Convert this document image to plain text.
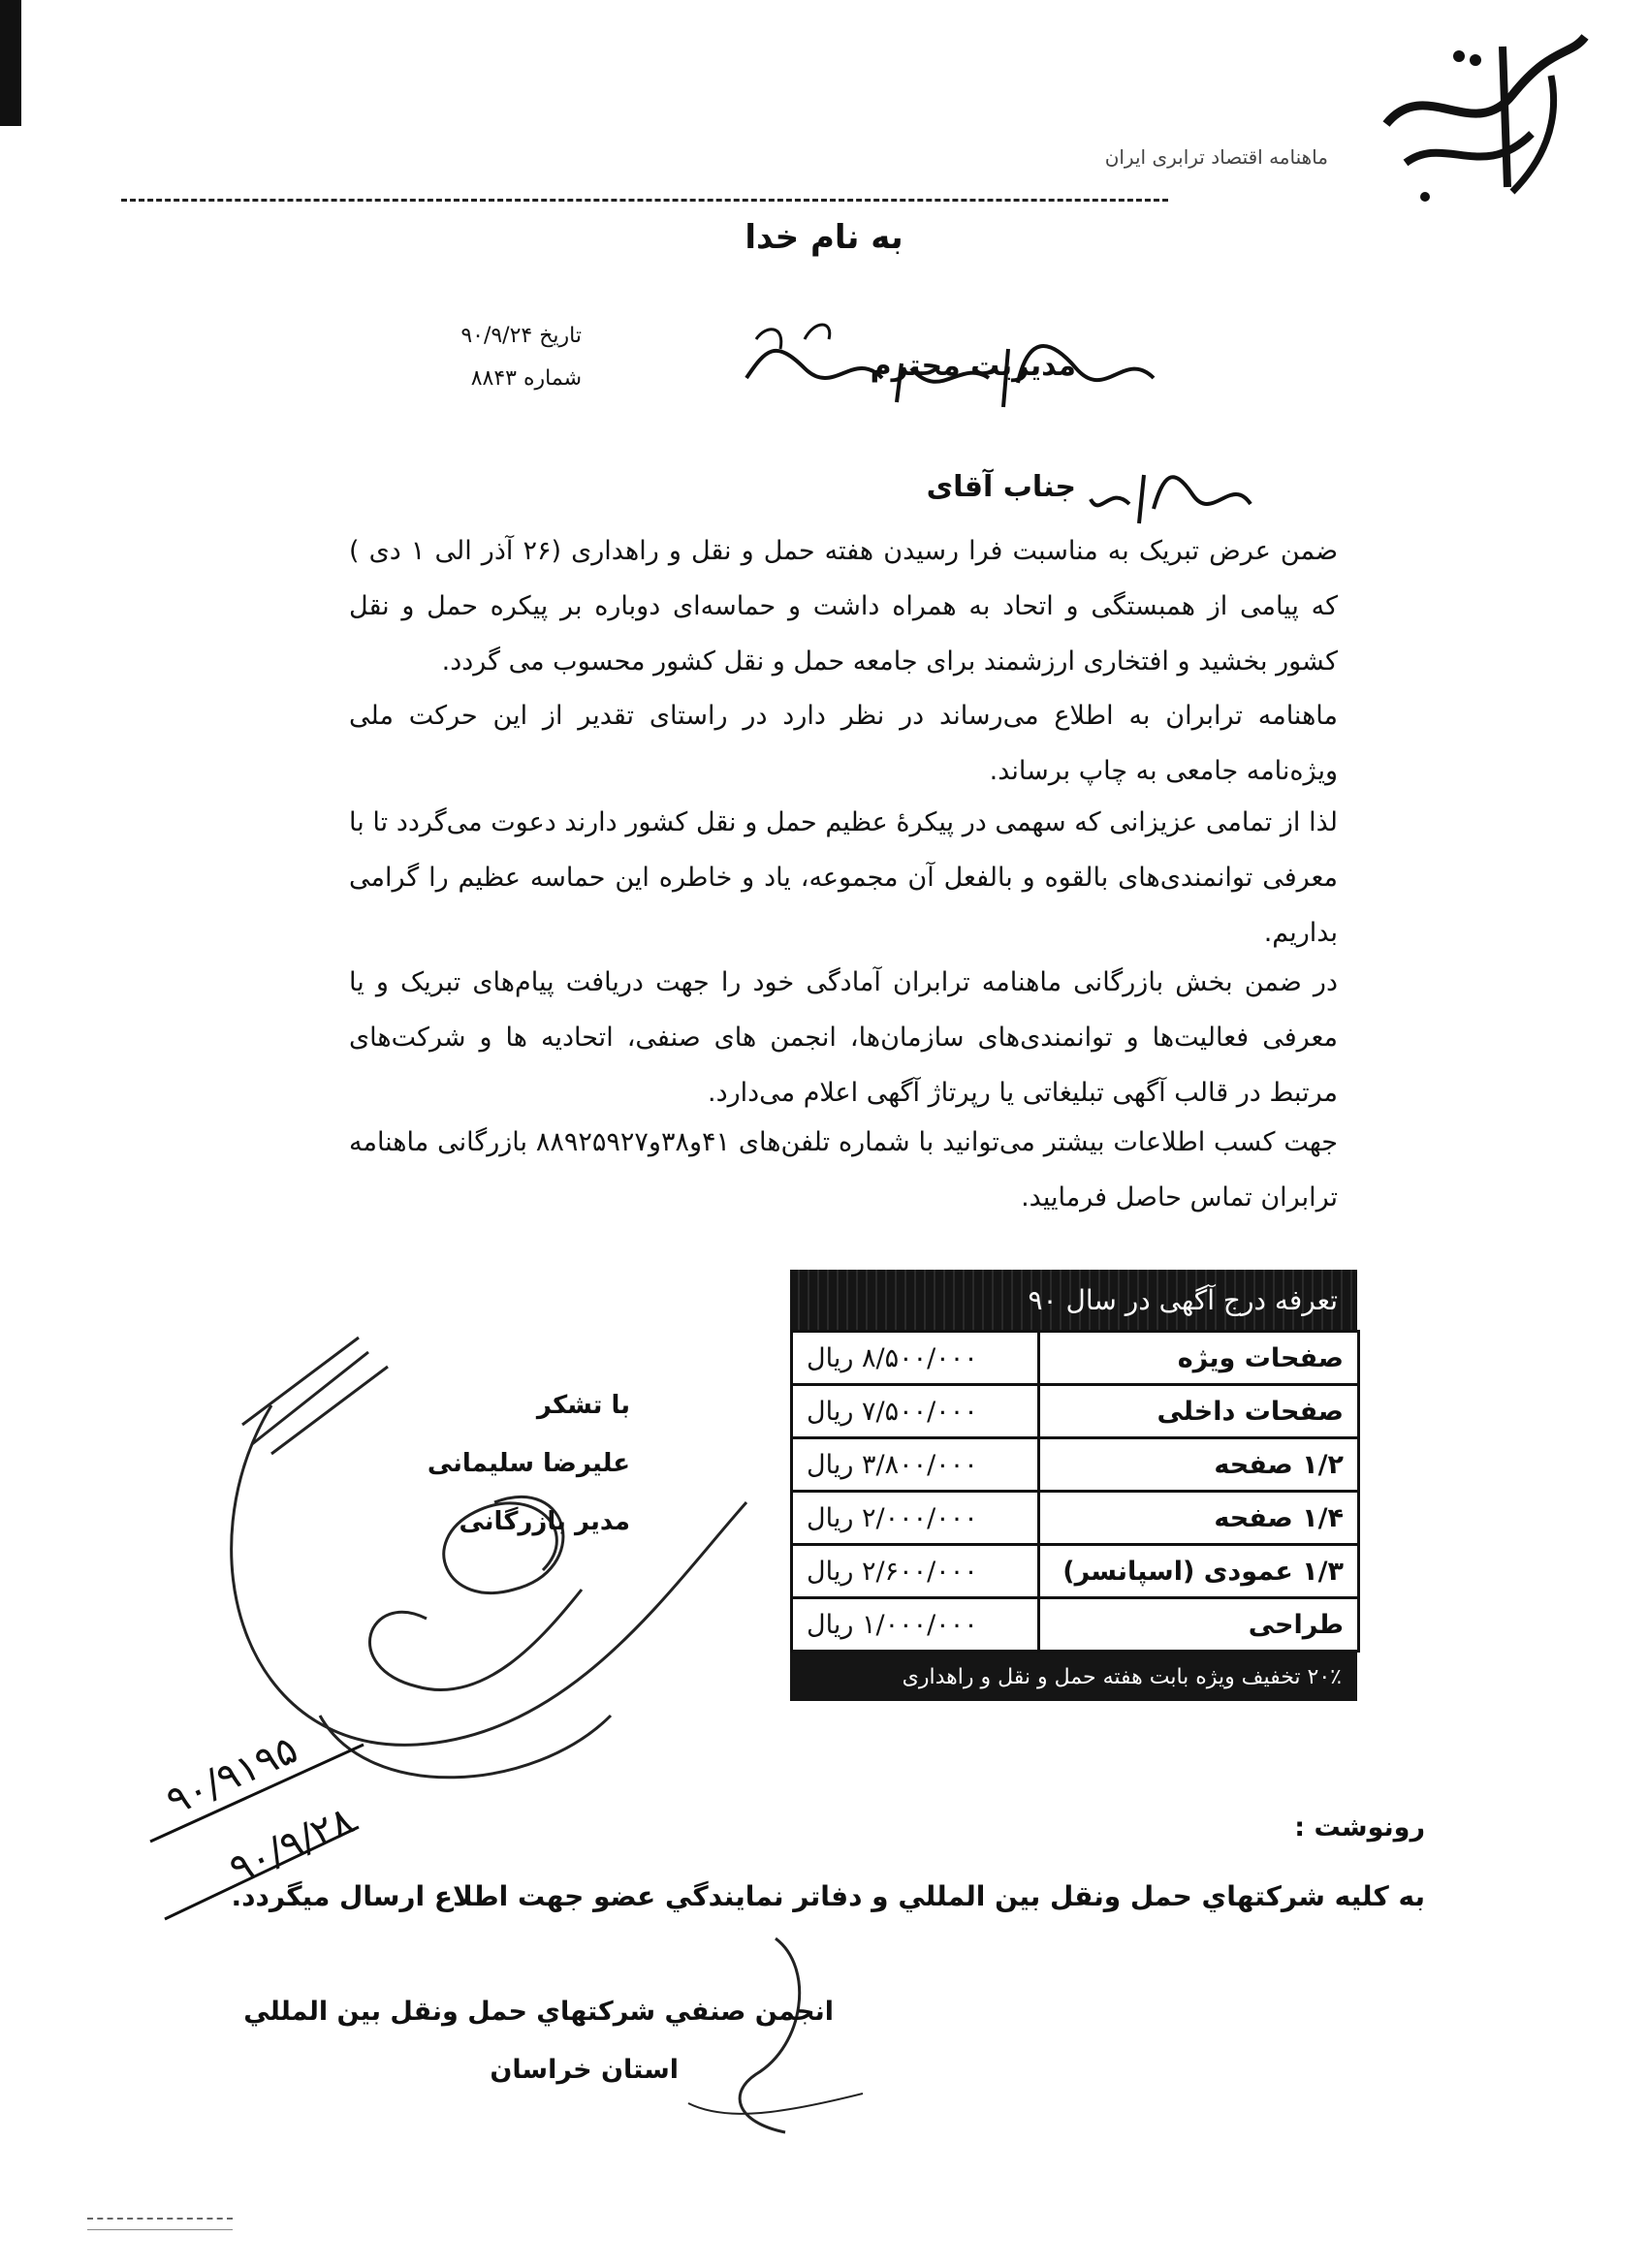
ماهنامه اقتصاد ترابری ایران
به نام خدا
تاریخ ۹۰/۹/۲۴
شماره ۸۸۴۳	مدیریت محترم
جناب آقای
ضمن عرض تبریک به مناسبت فرا رسیدن هفته حمل و نقل و راهداری (۲۶ آذر الی ۱ دی ) که پیامی از همبستگی و اتحاد به همراه داشت و حماسه‌ای دوباره بر پیکره حمل و نقل کشور بخشید و افتخاری ارزشمند برای جامعه حمل و نقل کشور محسوب می گردد.
ماهنامه ترابران به اطلاع می‌رساند در نظر دارد در راستای تقدیر از این حرکت ملی ویژه‌نامه جامعی به چاپ برساند.
لذا از تمامی عزیزانی که سهمی در پیکرهٔ عظیم حمل و نقل کشور دارند دعوت می‌گردد تا با معرفی توانمندی‌های بالقوه و بالفعل آن مجموعه، یاد و خاطره این حماسه عظیم را گرامی بداریم.
در ضمن بخش بازرگانی ماهنامه ترابران آمادگی خود را جهت دریافت پیام‌های تبریک و یا معرفی فعالیت‌ها و توانمندی‌های سازمان‌ها، انجمن های صنفی، اتحادیه ها و شرکت‌های مرتبط در قالب آگهی تبلیغاتی یا رپرتاژ آگهی اعلام می‌دارد.
جهت کسب اطلاعات بیشتر می‌توانید با شماره تلفن‌های ۴۱و۳۸و۸۸۹۲۵۹۲۷ بازرگانی ماهنامه ترابران تماس حاصل فرمایید.
تعرفه درج آگهی در سال ۹۰
۸/۵۰۰/۰۰۰ ریال	صفحات ویژه
۷/۵۰۰/۰۰۰ ریال	صفحات داخلی
۳/۸۰۰/۰۰۰ ریال	۱/۲ صفحه
۲/۰۰۰/۰۰۰ ریال	۱/۴ صفحه
۲/۶۰۰/۰۰۰ ریال	۱/۳ عمودی (اسپانسر)
۱/۰۰۰/۰۰۰ ریال	طراحی
۲۰٪ تخفیف ویژه بابت هفته حمل و نقل و راهداری
با تشکر
علیرضا سلیمانی
مدیر بازرگانی
۹۰/۹۱۹۵
۹۰/۹/۲۸	رونوشت :
به کليه شرکتهاي حمل ونقل بين المللي و دفاتر نمايندگي عضو جهت اطلاع ارسال ميگردد.
انجمن صنفي شرکتهاي حمل ونقل بين المللي
استان خراسان
